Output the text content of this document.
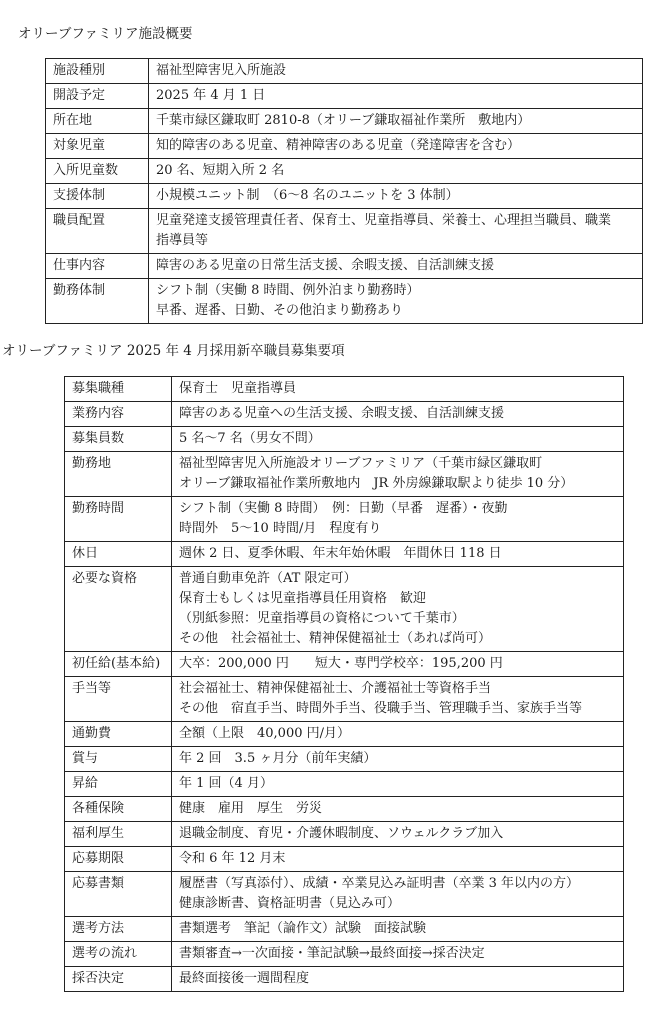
オリーブファミリア施設概要
施設種別	福祉型障害児入所施設

開設予定	2025 年 4 月 1 日

所在地	千葉市緑区鎌取町 2810-8（オリーブ鎌取福祉作業所　敷地内）

対象児童	知的障害のある児童、精神障害のある児童（発達障害を含む）

入所児童数	20 名、短期入所 2 名

支援体制	小規模ユニット制　（6～8 名のユニットを 3 体制）

職員配置	児童発達支援管理責任者、保育士、児童指導員、栄養士、心理担当職員、職業
指導員等

仕事内容	障害のある児童の日常生活支援、余暇支援、自活訓練支援

勤務体制	シフト制（実働 8 時間、例外泊まり勤務時）
早番、遅番、日勤、その他泊まり勤務あり
オリーブファミリア 2025 年 4 月採用新卒職員募集要項
募集職種	保育士　児童指導員

業務内容	障害のある児童への生活支援、余暇支援、自活訓練支援

募集員数	5 名～7 名（男女不問）

勤務地	福祉型障害児入所施設オリーブファミリア（千葉市緑区鎌取町
オリーブ鎌取福祉作業所敷地内　JR 外房線鎌取駅より徒歩 10 分）

勤務時間	シフト制（実働 8 時間）　例：日勤（早番　遅番）・夜勤
時間外　5～10 時間/月　程度有り

休日	週休 2 日、夏季休暇、年末年始休暇　年間休日 118 日

必要な資格	普通自動車免許（AT 限定可）
保育士もしくは児童指導員任用資格　歓迎
（別紙参照：児童指導員の資格について千葉市）
その他　社会福祉士、精神保健福祉士（あれば尚可）

初任給(基本給)	大卒：200,000 円　　短大・専門学校卒：195,200 円

手当等	社会福祉士、精神保健福祉士、介護福祉士等資格手当
その他　宿直手当、時間外手当、役職手当、管理職手当、家族手当等

通勤費	全額（上限　40,000 円/月）

賞与	年 2 回　3.5 ヶ月分（前年実績）

昇給	年 1 回（4 月）

各種保険	健康　雇用　厚生　労災

福利厚生	退職金制度、育児・介護休暇制度、ソウェルクラブ加入

応募期限	令和 6 年 12 月末

応募書類	履歴書（写真添付）、成績・卒業見込み証明書（卒業 3 年以内の方）
健康診断書、資格証明書（見込み可）

選考方法	書類選考　筆記（論作文）試験　面接試験

選考の流れ	書類審査→一次面接・筆記試験→最終面接→採否決定

採否決定	最終面接後一週間程度
